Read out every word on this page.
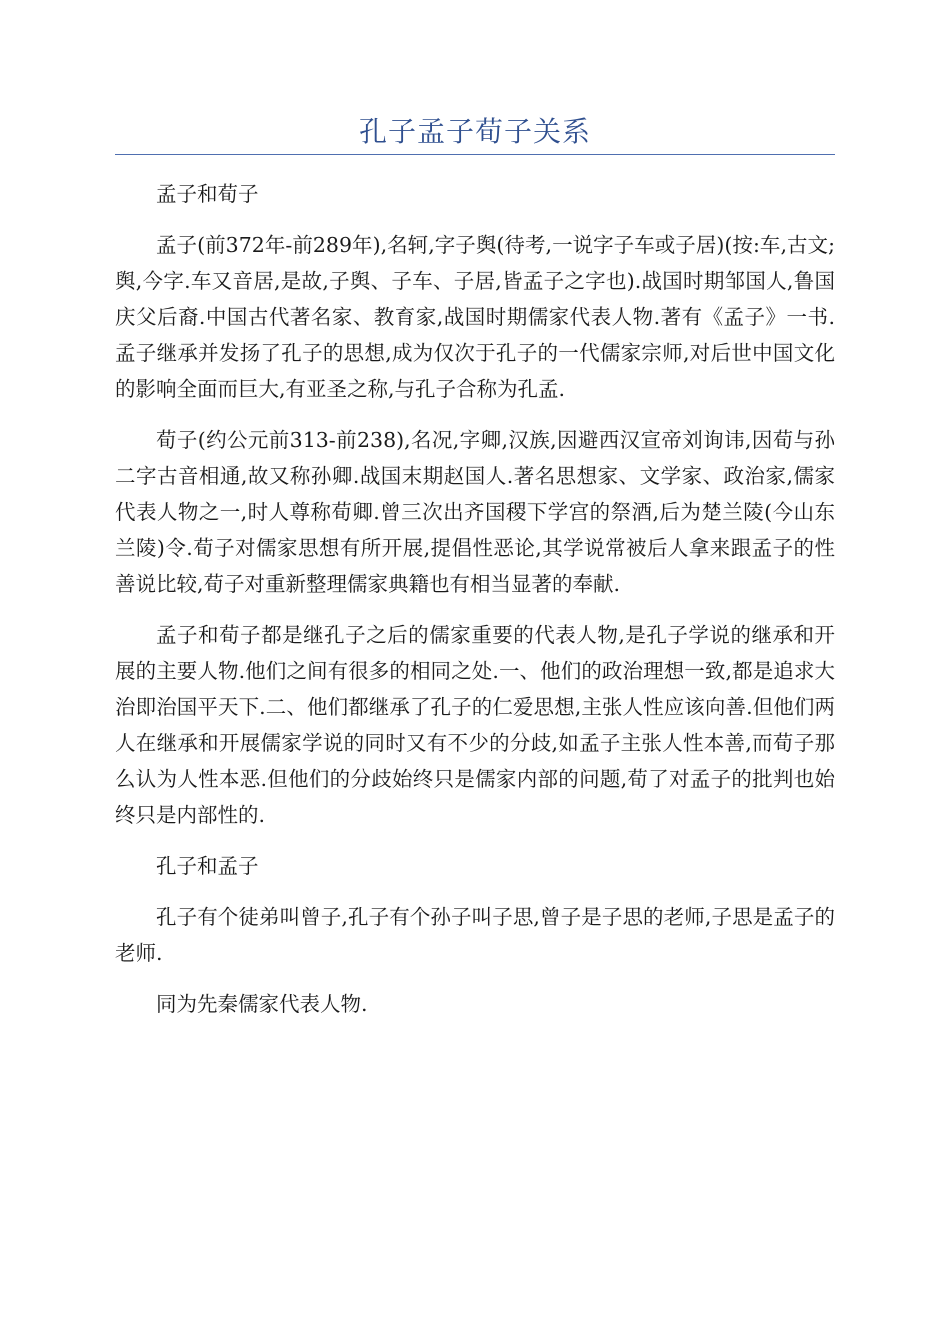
孔子孟子荀子关系

孟子和荀子

孟子(前372年-前289年),名轲,字子舆(待考,一说字子车或子居)(按:车,古文;舆,今字.车又音居,是故,子舆、子车、子居,皆孟子之字也).战国时期邹国人,鲁国庆父后裔.中国古代著名家、教育家,战国时期儒家代表人物.著有《孟子》一书.孟子继承并发扬了孔子的思想,成为仅次于孔子的一代儒家宗师,对后世中国文化的影响全面而巨大,有亚圣之称,与孔子合称为孔孟.

荀子(约公元前313-前238),名况,字卿,汉族,因避西汉宣帝刘询讳,因荀与孙二字古音相通,故又称孙卿.战国末期赵国人.著名思想家、文学家、政治家,儒家代表人物之一,时人尊称荀卿.曾三次出齐国稷下学宫的祭酒,后为楚兰陵(今山东兰陵)令.荀子对儒家思想有所开展,提倡性恶论,其学说常被后人拿来跟孟子的性善说比较,荀子对重新整理儒家典籍也有相当显著的奉献.

孟子和荀子都是继孔子之后的儒家重要的代表人物,是孔子学说的继承和开展的主要人物.他们之间有很多的相同之处.一、他们的政治理想一致,都是追求大治即治国平天下.二、他们都继承了孔子的仁爱思想,主张人性应该向善.但他们两人在继承和开展儒家学说的同时又有不少的分歧,如孟子主张人性本善,而荀子那么认为人性本恶.但他们的分歧始终只是儒家内部的问题,荀了对孟子的批判也始终只是内部性的.

孔子和孟子

孔子有个徒弟叫曾子,孔子有个孙子叫子思,曾子是子思的老师,子思是孟子的老师.

同为先秦儒家代表人物.
